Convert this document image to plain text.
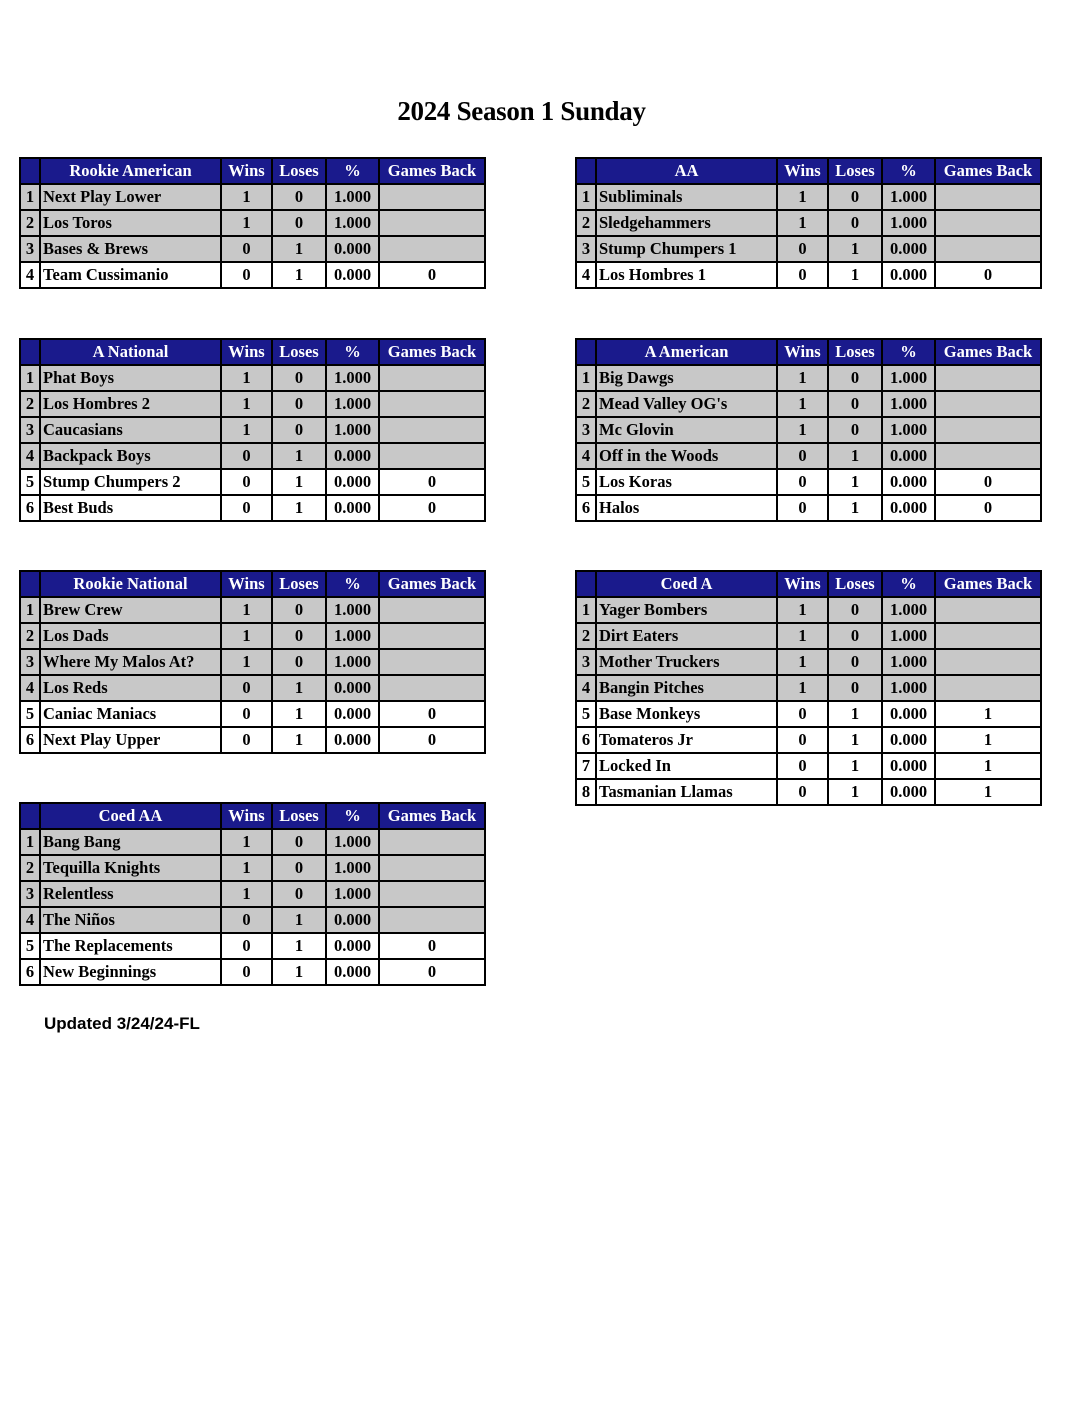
2024 Season 1 Sunday
	Rookie American	Wins	Loses	%	Games Back
1	Next Play Lower	1	0	1.000	
2	Los Toros	1	0	1.000	
3	Bases & Brews	0	1	0.000	
4	Team Cussimanio	0	1	0.000	0
	AA	Wins	Loses	%	Games Back
1	Subliminals	1	0	1.000	
2	Sledgehammers	1	0	1.000	
3	Stump Chumpers 1	0	1	0.000	
4	Los Hombres 1	0	1	0.000	0
	A National	Wins	Loses	%	Games Back
1	Phat Boys	1	0	1.000	
2	Los Hombres 2	1	0	1.000	
3	Caucasians	1	0	1.000	
4	Backpack Boys	0	1	0.000	
5	Stump Chumpers 2	0	1	0.000	0
6	Best Buds	0	1	0.000	0
	A American	Wins	Loses	%	Games Back
1	Big Dawgs	1	0	1.000	
2	Mead Valley OG's	1	0	1.000	
3	Mc Glovin	1	0	1.000	
4	Off in the Woods	0	1	0.000	
5	Los Koras	0	1	0.000	0
6	Halos	0	1	0.000	0
	Rookie National	Wins	Loses	%	Games Back
1	Brew Crew	1	0	1.000	
2	Los Dads	1	0	1.000	
3	Where My Malos At?	1	0	1.000	
4	Los Reds	0	1	0.000	
5	Caniac Maniacs	0	1	0.000	0
6	Next Play Upper	0	1	0.000	0
	Coed A	Wins	Loses	%	Games Back
1	Yager Bombers	1	0	1.000	
2	Dirt Eaters	1	0	1.000	
3	Mother Truckers	1	0	1.000	
4	Bangin Pitches	1	0	1.000	
5	Base Monkeys	0	1	0.000	1
6	Tomateros Jr	0	1	0.000	1
7	Locked In	0	1	0.000	1
8	Tasmanian Llamas	0	1	0.000	1
	Coed AA	Wins	Loses	%	Games Back
1	Bang Bang	1	0	1.000	
2	Tequilla Knights	1	0	1.000	
3	Relentless	1	0	1.000	
4	The Niños	0	1	0.000	
5	The Replacements	0	1	0.000	0
6	New Beginnings	0	1	0.000	0
Updated 3/24/24-FL
